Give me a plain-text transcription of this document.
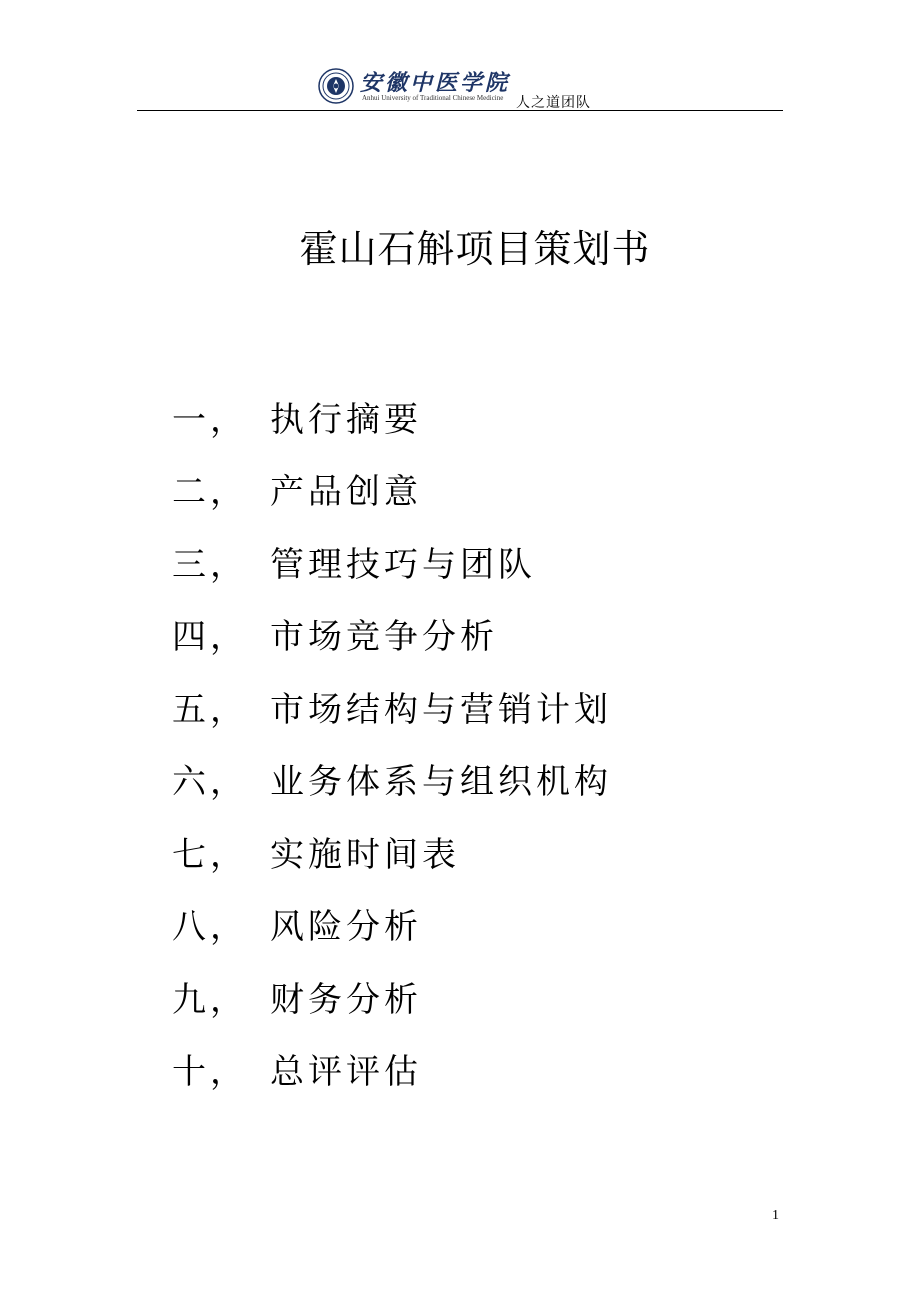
安徽中医学院
Anhui University of Traditional Chinese Medicine 人之道团队
霍山石斛项目策划书
一， 执行摘要
二， 产品创意
三， 管理技巧与团队
四， 市场竞争分析
五， 市场结构与营销计划
六， 业务体系与组织机构
七， 实施时间表
八， 风险分析
九， 财务分析
十， 总评评估
1
